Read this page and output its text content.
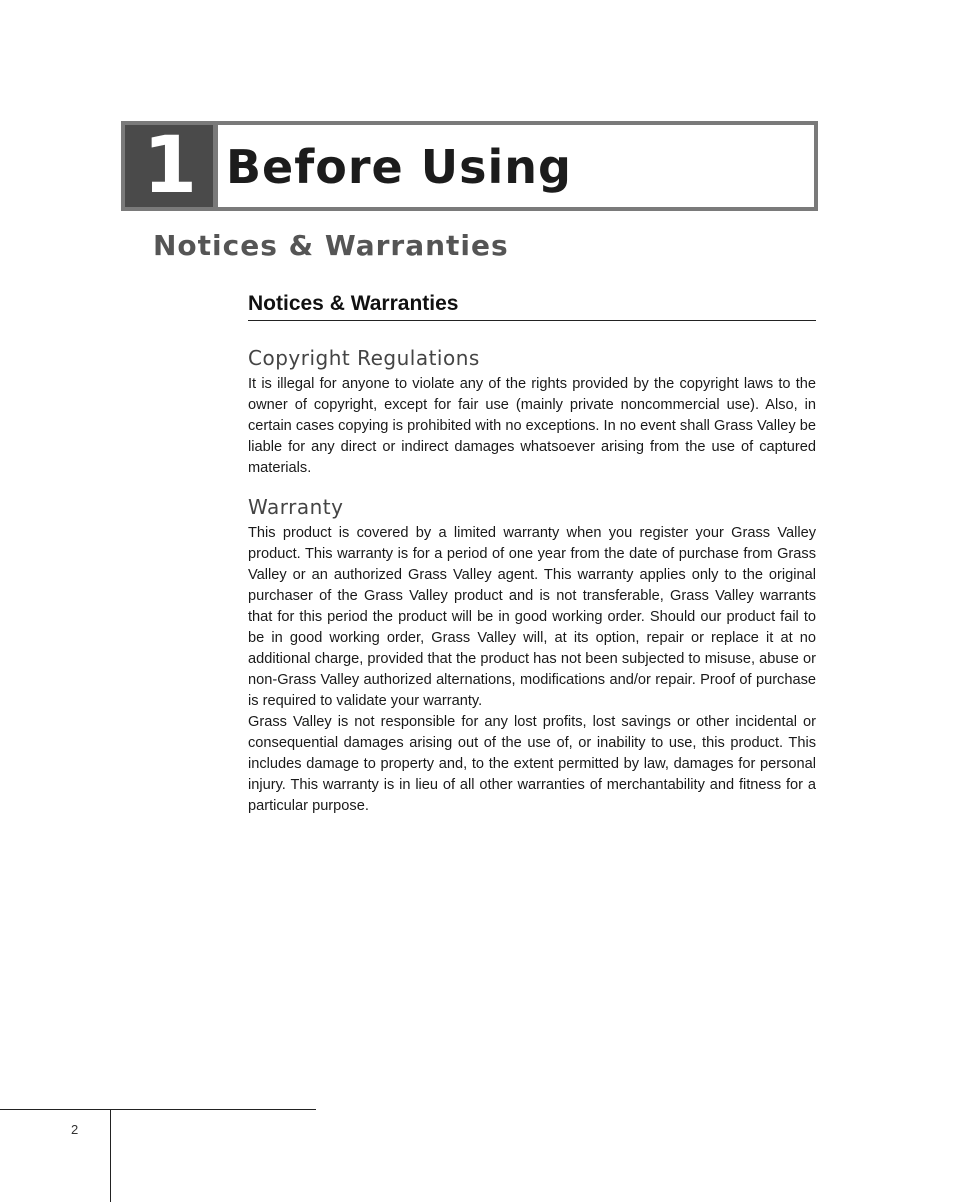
1 Before Using
Notices & Warranties
Notices & Warranties
Copyright Regulations

It is illegal for anyone to violate any of the rights provided by the copyright laws to the owner of copyright, except for fair use (mainly private noncommercial use). Also, in certain cases copying is prohibited with no exceptions. In no event shall Grass Valley be liable for any direct or indirect damages whatsoever arising from the use of captured materials.

Warranty

This product is covered by a limited warranty when you register your Grass Valley product. This warranty is for a period of one year from the date of purchase from Grass Valley or an authorized Grass Valley agent. This warranty applies only to the original purchaser of the Grass Valley product and is not transferable, Grass Valley warrants that for this period the product will be in good working order. Should our product fail to be in good working order, Grass Valley will, at its option, repair or replace it at no additional charge, provided that the product has not been subjected to misuse, abuse or non-Grass Valley authorized alternations, modifications and/or repair. Proof of purchase is required to validate your warranty.

Grass Valley is not responsible for any lost profits, lost savings or other incidental or consequential damages arising out of the use of, or inability to use, this product. This includes damage to property and, to the extent permitted by law, damages for personal injury. This warranty is in lieu of all other warranties of merchantability and fitness for a particular purpose.

2
